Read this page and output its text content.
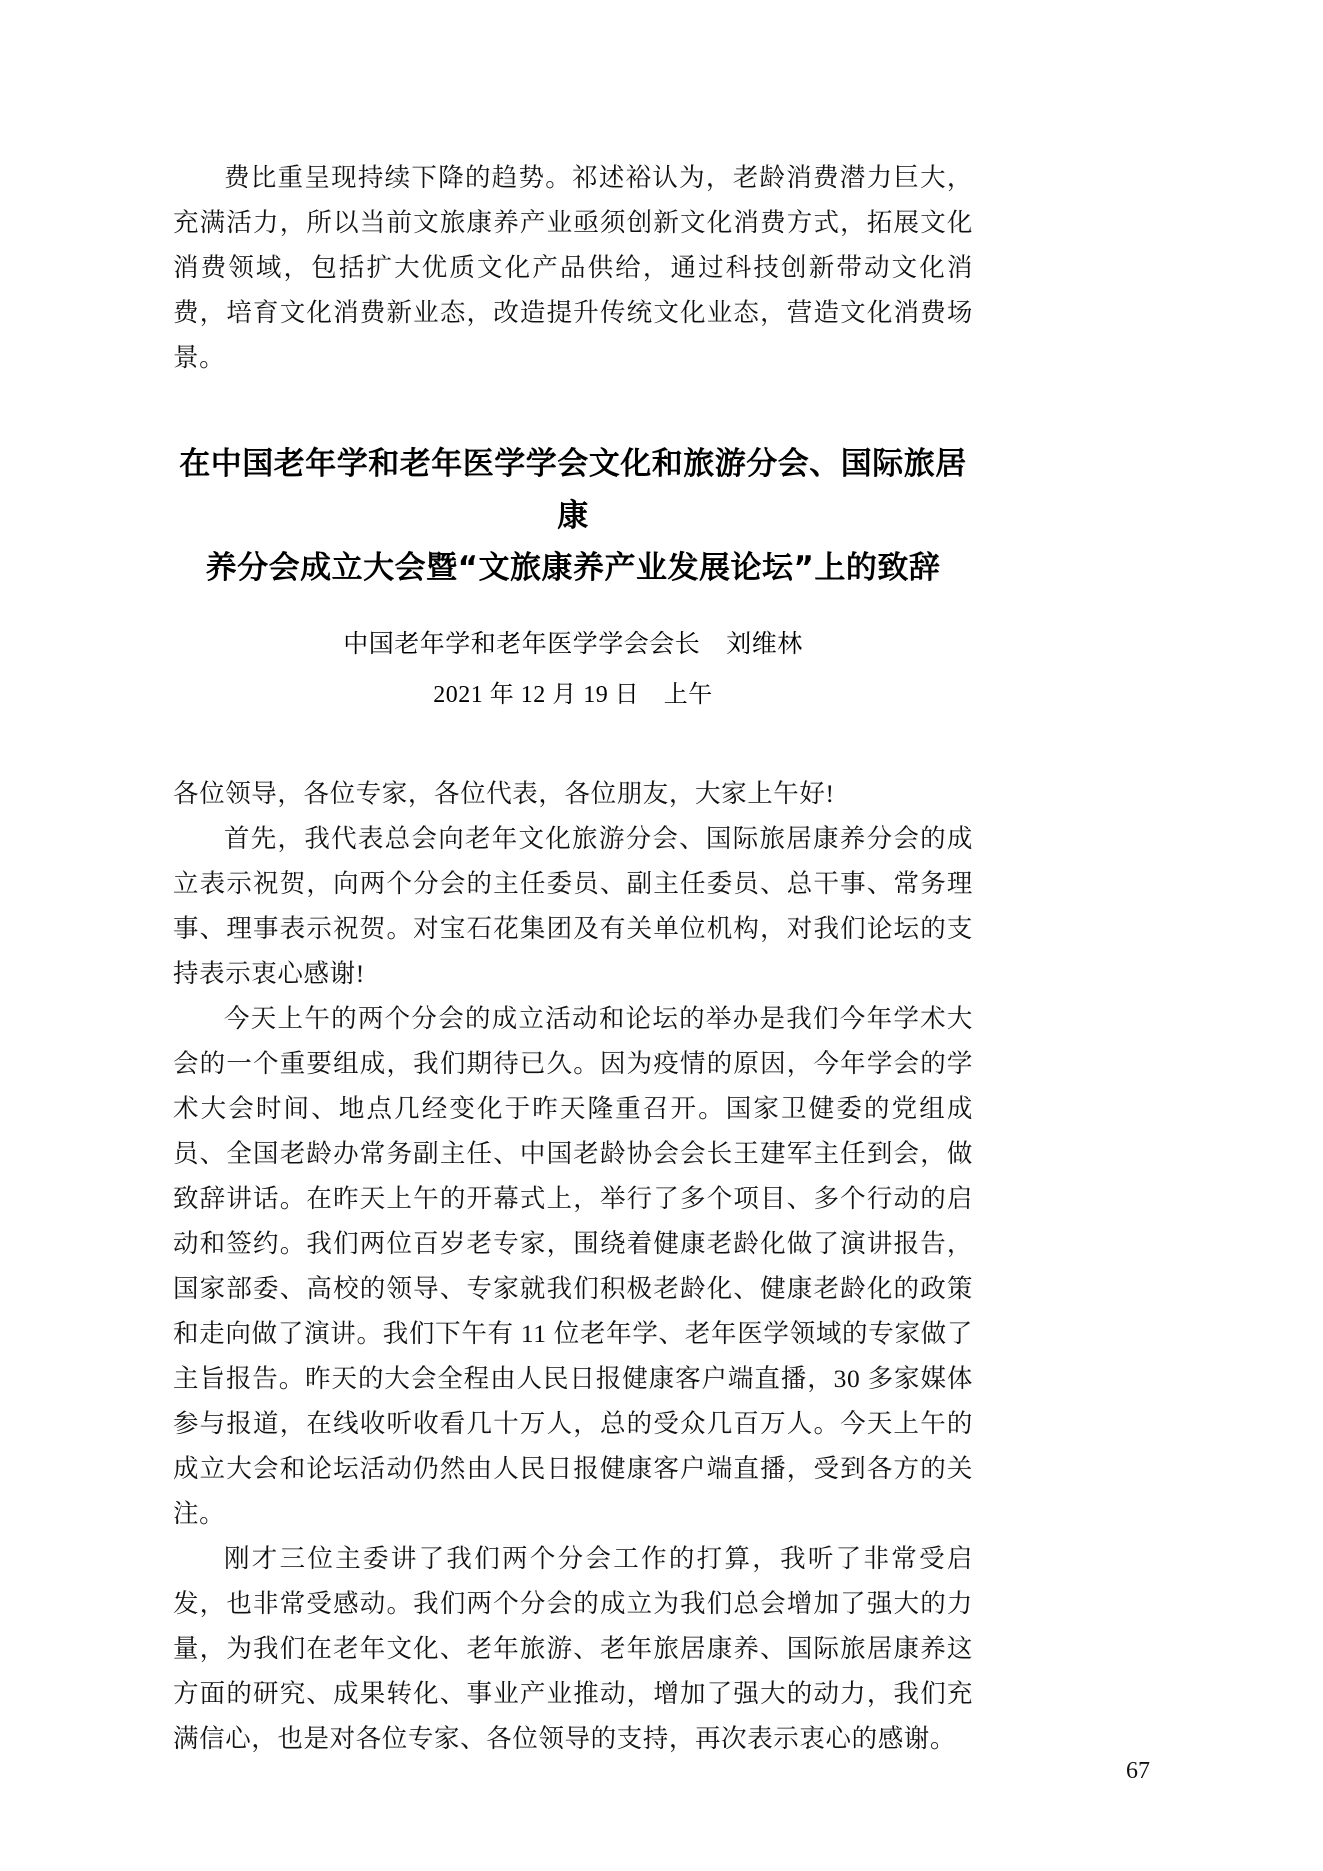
费比重呈现持续下降的趋势。祁述裕认为，老龄消费潜力巨大，充满活力，所以当前文旅康养产业亟须创新文化消费方式，拓展文化消费领域，包括扩大优质文化产品供给，通过科技创新带动文化消费，培育文化消费新业态，改造提升传统文化业态，营造文化消费场景。

在中国老年学和老年医学学会文化和旅游分会、国际旅居康
养分会成立大会暨“文旅康养产业发展论坛”上的致辞
中国老年学和老年医学学会会长 刘维林
2021 年 12 月 19 日　上午

各位领导，各位专家，各位代表，各位朋友，大家上午好!

首先，我代表总会向老年文化旅游分会、国际旅居康养分会的成立表示祝贺，向两个分会的主任委员、副主任委员、总干事、常务理事、理事表示祝贺。对宝石花集团及有关单位机构，对我们论坛的支持表示衷心感谢!

今天上午的两个分会的成立活动和论坛的举办是我们今年学术大会的一个重要组成，我们期待已久。因为疫情的原因，今年学会的学术大会时间、地点几经变化于昨天隆重召开。国家卫健委的党组成员、全国老龄办常务副主任、中国老龄协会会长王建军主任到会，做致辞讲话。在昨天上午的开幕式上，举行了多个项目、多个行动的启动和签约。我们两位百岁老专家，围绕着健康老龄化做了演讲报告，国家部委、高校的领导、专家就我们积极老龄化、健康老龄化的政策和走向做了演讲。我们下午有 11 位老年学、老年医学领域的专家做了主旨报告。昨天的大会全程由人民日报健康客户端直播，30 多家媒体参与报道，在线收听收看几十万人，总的受众几百万人。今天上午的成立大会和论坛活动仍然由人民日报健康客户端直播，受到各方的关注。

刚才三位主委讲了我们两个分会工作的打算，我听了非常受启发，也非常受感动。我们两个分会的成立为我们总会增加了强大的力量，为我们在老年文化、老年旅游、老年旅居康养、国际旅居康养这方面的研究、成果转化、事业产业推动，增加了强大的动力，我们充满信心，也是对各位专家、各位领导的支持，再次表示衷心的感谢。

67
